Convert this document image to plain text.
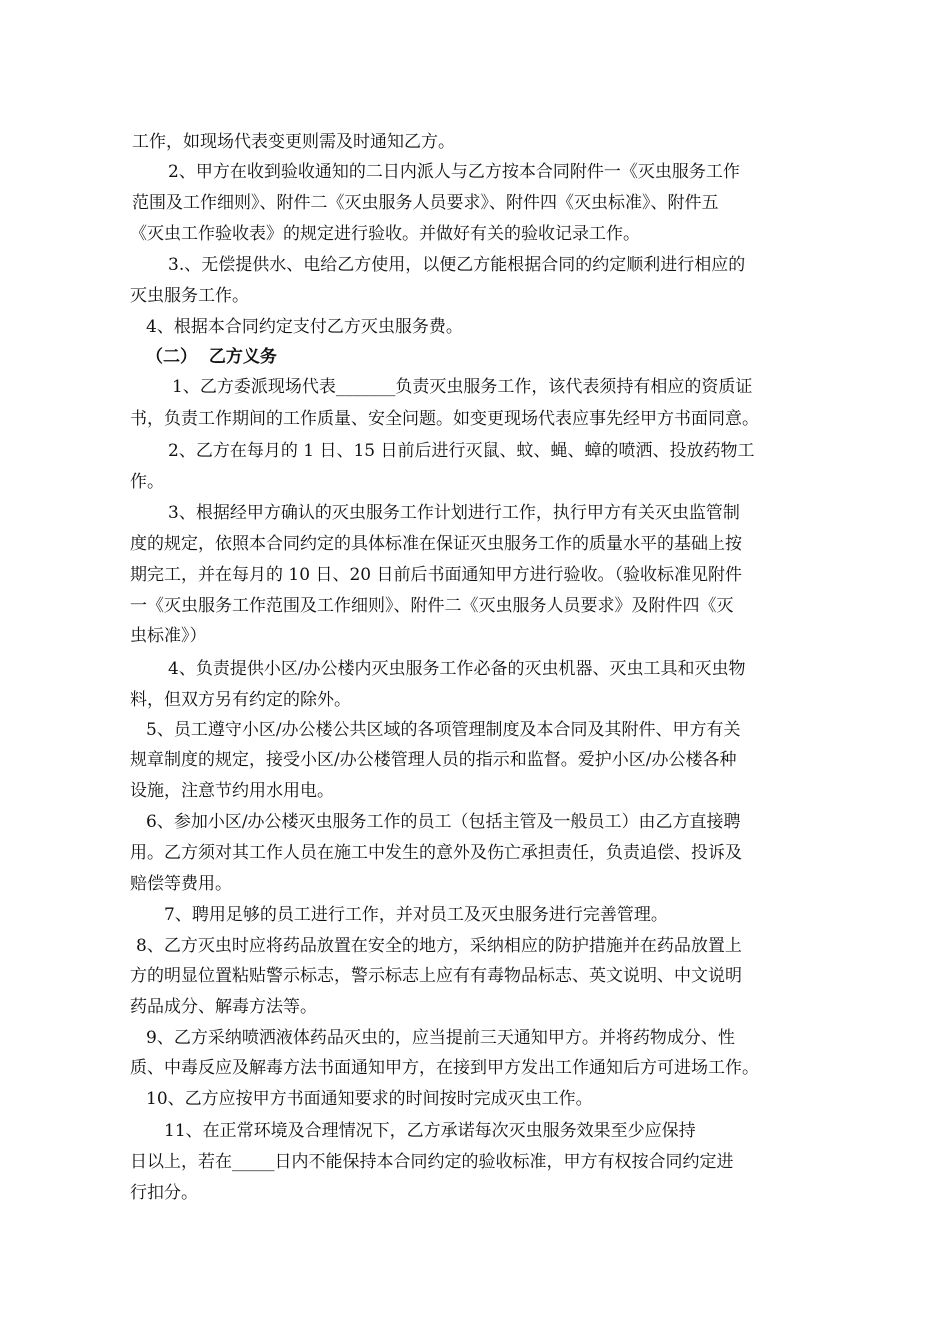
工作，如现场代表变更则需及时通知乙方。
2、甲方在收到验收通知的二日内派人与乙方按本合同附件一《灭虫服务工作
范围及工作细则》、附件二《灭虫服务人员要求》、附件四《灭虫标准》、附件五
《灭虫工作验收表》的规定进行验收。并做好有关的验收记录工作。
3.、无偿提供水、电给乙方使用，以便乙方能根据合同的约定顺利进行相应的
灭虫服务工作。
4、根据本合同约定支付乙方灭虫服务费。
（二）  乙方义务
1、乙方委派现场代表_______负责灭虫服务工作，该代表须持有相应的资质证
书，负责工作期间的工作质量、安全问题。如变更现场代表应事先经甲方书面同意。
2、乙方在每月的 1 日、15 日前后进行灭鼠、蚊、蝇、蟑的喷洒、投放药物工
作。
3、根据经甲方确认的灭虫服务工作计划进行工作，执行甲方有关灭虫监管制
度的规定，依照本合同约定的具体标准在保证灭虫服务工作的质量水平的基础上按
期完工，并在每月的 10 日、20 日前后书面通知甲方进行验收。（验收标准见附件
一《灭虫服务工作范围及工作细则》、附件二《灭虫服务人员要求》及附件四《灭
虫标准》）
4、负责提供小区/办公楼内灭虫服务工作必备的灭虫机器、灭虫工具和灭虫物
料，但双方另有约定的除外。
5、员工遵守小区/办公楼公共区域的各项管理制度及本合同及其附件、甲方有关
规章制度的规定，接受小区/办公楼管理人员的指示和监督。爱护小区/办公楼各种
设施，注意节约用水用电。
6、参加小区/办公楼灭虫服务工作的员工（包括主管及一般员工）由乙方直接聘
用。乙方须对其工作人员在施工中发生的意外及伤亡承担责任，负责追偿、投诉及
赔偿等费用。
7、聘用足够的员工进行工作，并对员工及灭虫服务进行完善管理。
8、乙方灭虫时应将药品放置在安全的地方，采纳相应的防护措施并在药品放置上
方的明显位置粘贴警示标志，警示标志上应有有毒物品标志、英文说明、中文说明
药品成分、解毒方法等。
9、乙方采纳喷洒液体药品灭虫的，应当提前三天通知甲方。并将药物成分、性
质、中毒反应及解毒方法书面通知甲方，在接到甲方发出工作通知后方可进场工作。
10、乙方应按甲方书面通知要求的时间按时完成灭虫工作。
11、在正常环境及合理情况下，乙方承诺每次灭虫服务效果至少应保持
日以上，若在_____日内不能保持本合同约定的验收标准，甲方有权按合同约定进
行扣分。
